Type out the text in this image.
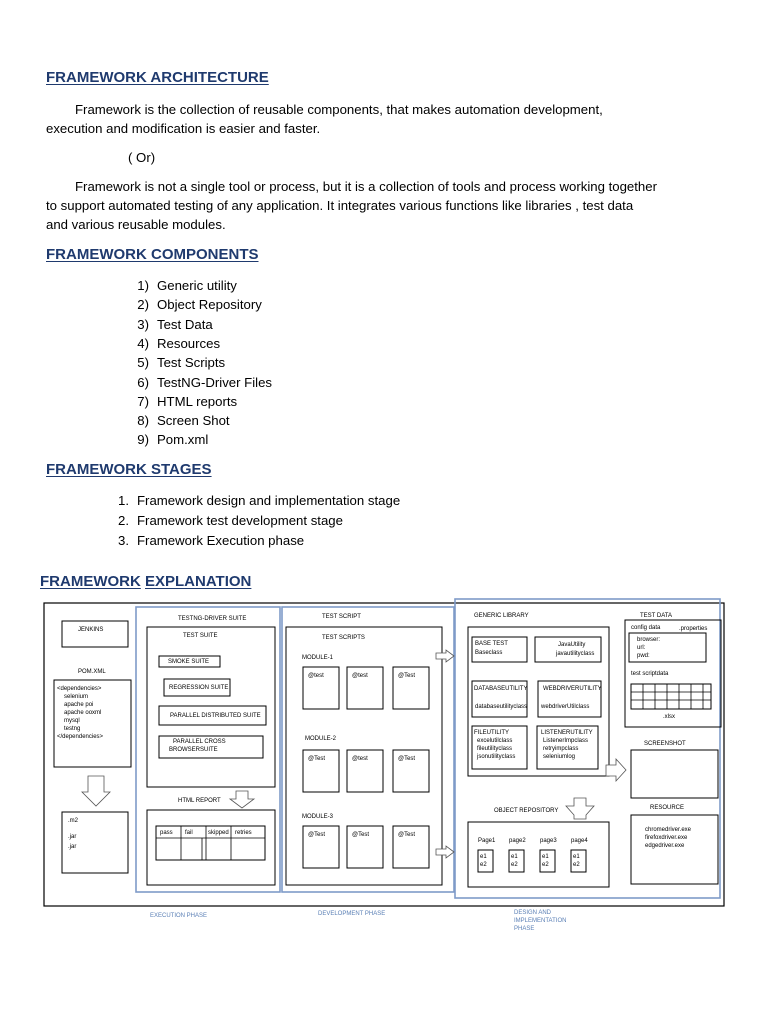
FRAMEWORK ARCHITECTURE
Framework is the collection of reusable components, that makes automation development,
execution and modification is easier and faster.
( Or)
Framework is not a single tool or process, but it is a collection of tools and process working together
to support automated testing of any application. It integrates various functions like libraries , test data
and various reusable modules.
FRAMEWORK COMPONENTS
1) Generic utility
2) Object Repository
3) Test Data
4) Resources
5) Test Scripts
6) TestNG-Driver Files
7) HTML reports
8) Screen Shot
9) Pom.xml
FRAMEWORK STAGES
1. Framework design and implementation stage
2. Framework test development stage
3. Framework Execution phase
FRAMEWORK EXPLANATION
JENKINS
POM.XML
<dependencies>
selenium
apache poi
apache ooxml
mysql
testng
</dependencies>
.m2
.jar
.jar
TESTNG-DRIVER SUITE
TEST SUITE
SMOKE SUITE
REGRESSION SUITE
PARALLEL DISTRIBUTED SUITE
PARALLEL CROSS
BROWSERSUITE
HTML REPORT
pass fail	skipped retries
TEST SCRIPT
TEST SCRIPTS
MODULE-1
MODULE-2
MODULE-3
@test	@test	@Test
@Test	@test	@Test
@Test	@Test	@Test
GENERIC LIBRARY
BASE TEST
Baseclass
JavaUtility
javautilityclass
DATABASEUTILITY
databaseutilityclass
WEBDRIVERUTILITY
webdriverUtilclass
FILEUTILITY
excelutilclass
fileutilityclass
jsonutilityclass
LISTENERUTILITY
ListenerImpclass
retryimpclass
seleniumlog
OBJECT REPOSITORY
Page1
e1
e2
page2
e1
e2
page3
e1
e2
page4
e1
e2
TEST DATA
config data	.properties
browser:
url:
pwd:
test scriptdata
.xlsx
SCREENSHOT
RESOURCE
chromedriver.exe
firefoxdriver.exe
edgedriver.exe
EXECUTION PHASE	DEVELOPMENT PHASE	DESIGN AND
IMPLEMENTATION
PHASE
